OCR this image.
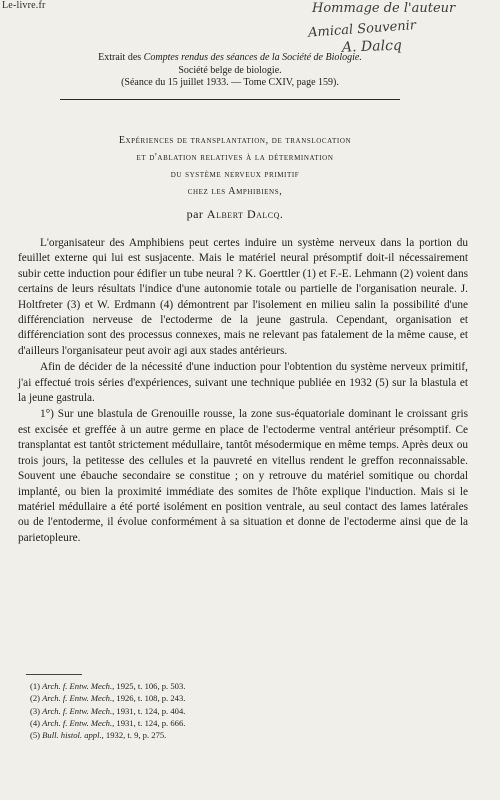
Le-livre.fr	Hommage de l'auteur
Amical Souvenir
A. Dalcq
Extrait des Comptes rendus des séances de la Société de Biologie.
Société belge de biologie.
(Séance du 15 juillet 1933. — Tome CXIV, page 159).
Expériences de transplantation, de translocation
et d'ablation relatives à la détermination
du système nerveux primitif
chez les Amphibiens,
par Albert Dalcq.

L'organisateur des Amphibiens peut certes induire un système nerveux dans la portion du feuillet externe qui lui est susjacente. Mais le matériel neural présomptif doit-il nécessairement subir cette induction pour édifier un tube neural ? K. Goerttler (1) et F.-E. Lehmann (2) voient dans certains de leurs résultats l'indice d'une autonomie totale ou partielle de l'organisation neurale. J. Holtfreter (3) et W. Erdmann (4) démontrent par l'isolement en milieu salin la possibilité d'une différenciation nerveuse de l'ectoderme de la jeune gastrula. Cependant, organisation et différenciation sont des processus connexes, mais ne relevant pas fatalement de la même cause, et d'ailleurs l'organisateur peut avoir agi aux stades antérieurs.

Afin de décider de la nécessité d'une induction pour l'obtention du système nerveux primitif, j'ai effectué trois séries d'expériences, suivant une technique publiée en 1932 (5) sur la blastula et la jeune gastrula.

1°) Sur une blastula de Grenouille rousse, la zone sus-équatoriale dominant le croissant gris est excisée et greffée à un autre germe en place de l'ectoderme ventral antérieur présomptif. Ce transplantat est tantôt strictement médullaire, tantôt mésodermique en même temps. Après deux ou trois jours, la petitesse des cellules et la pauvreté en vitellus rendent le greffon reconnaissable. Souvent une ébauche secondaire se constitue ; on y retrouve du matériel somitique ou chordal implanté, ou bien la proximité immédiate des somites de l'hôte explique l'induction. Mais si le matériel médullaire a été porté isolément en position ventrale, au seul contact des lames latérales ou de l'entoderme, il évolue conformément à sa situation et donne de l'ectoderme ainsi que de la parietopleure.

(1) Arch. f. Entw. Mech., 1925, t. 106, p. 503.
(2) Arch. f. Entw. Mech., 1926, t. 108, p. 243.
(3) Arch. f. Entw. Mech., 1931, t. 124, p. 404.
(4) Arch. f. Entw. Mech., 1931, t. 124, p. 666.
(5) Bull. histol. appl., 1932, t. 9, p. 275.
